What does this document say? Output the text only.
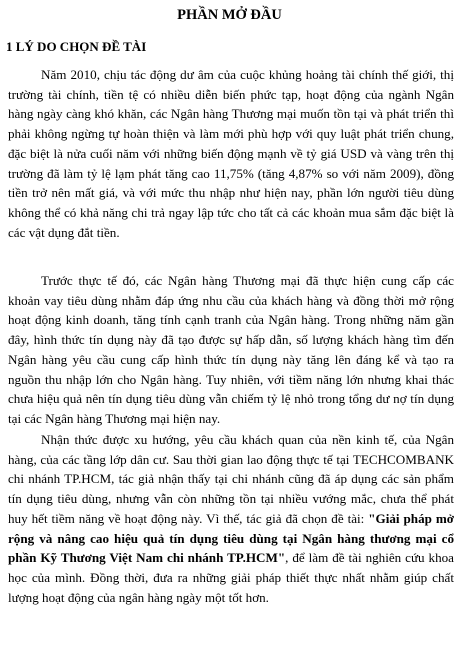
PHẦN MỞ ĐẦU
1 LÝ DO CHỌN ĐỀ TÀI

Năm 2010, chịu tác động dư âm của cuộc khủng hoảng tài chính thế giới, thị trường tài chính, tiền tệ có nhiều diễn biến phức tạp, hoạt động của ngành Ngân hàng ngày càng khó khăn, các Ngân hàng Thương mại muốn tồn tại và phát triển thì phải không ngừng tự hoàn thiện và làm mới phù hợp với quy luật phát triển chung, đặc biệt là nửa cuối năm với những biến động mạnh về tỷ giá USD và vàng trên thị trường đã làm tỷ lệ lạm phát tăng cao 11,75% (tăng 4,87% so với năm 2009), đồng tiền trở nên mất giá, và với mức thu nhập như hiện nay, phần lớn người tiêu dùng không thể có khả năng chi trả ngay lập tức cho tất cả các khoản mua sắm đặc biệt là các vật dụng đắt tiền.

Trước thực tế đó, các Ngân hàng Thương mại đã thực hiện cung cấp các khoản vay tiêu dùng nhằm đáp ứng nhu cầu của khách hàng và đồng thời mở rộng hoạt động kinh doanh, tăng tính cạnh tranh của Ngân hàng. Trong những năm gần đây, hình thức tín dụng này đã tạo được sự hấp dẫn, số lượng khách hàng tìm đến Ngân hàng yêu cầu cung cấp hình thức tín dụng này tăng lên đáng kể và tạo ra nguồn thu nhập lớn cho Ngân hàng. Tuy nhiên, với tiềm năng lớn nhưng khai thác chưa hiệu quả nên tín dụng tiêu dùng vẫn chiếm tỷ lệ nhỏ trong tổng dư nợ tín dụng tại các Ngân hàng Thương mại hiện nay.

Nhận thức được xu hướng, yêu cầu khách quan của nền kinh tế, của Ngân hàng, của các tầng lớp dân cư. Sau thời gian lao động thực tế tại TECHCOMBANK chi nhánh TP.HCM, tác giả nhận thấy tại chi nhánh cũng đã áp dụng các sản phẩm tín dụng tiêu dùng, nhưng vẫn còn những tồn tại nhiều vướng mắc, chưa thể phát huy hết tiềm năng về hoạt động này. Vì thế, tác giả đã chọn đề tài: "Giải pháp mở rộng và nâng cao hiệu quả tín dụng tiêu dùng tại Ngân hàng thương mại cổ phần Kỹ Thương Việt Nam chi nhánh TP.HCM", để làm đề tài nghiên cứu khoa học của mình. Đồng thời, đưa ra những giải pháp thiết thực nhất nhằm giúp chất lượng hoạt động của ngân hàng ngày một tốt hơn.
